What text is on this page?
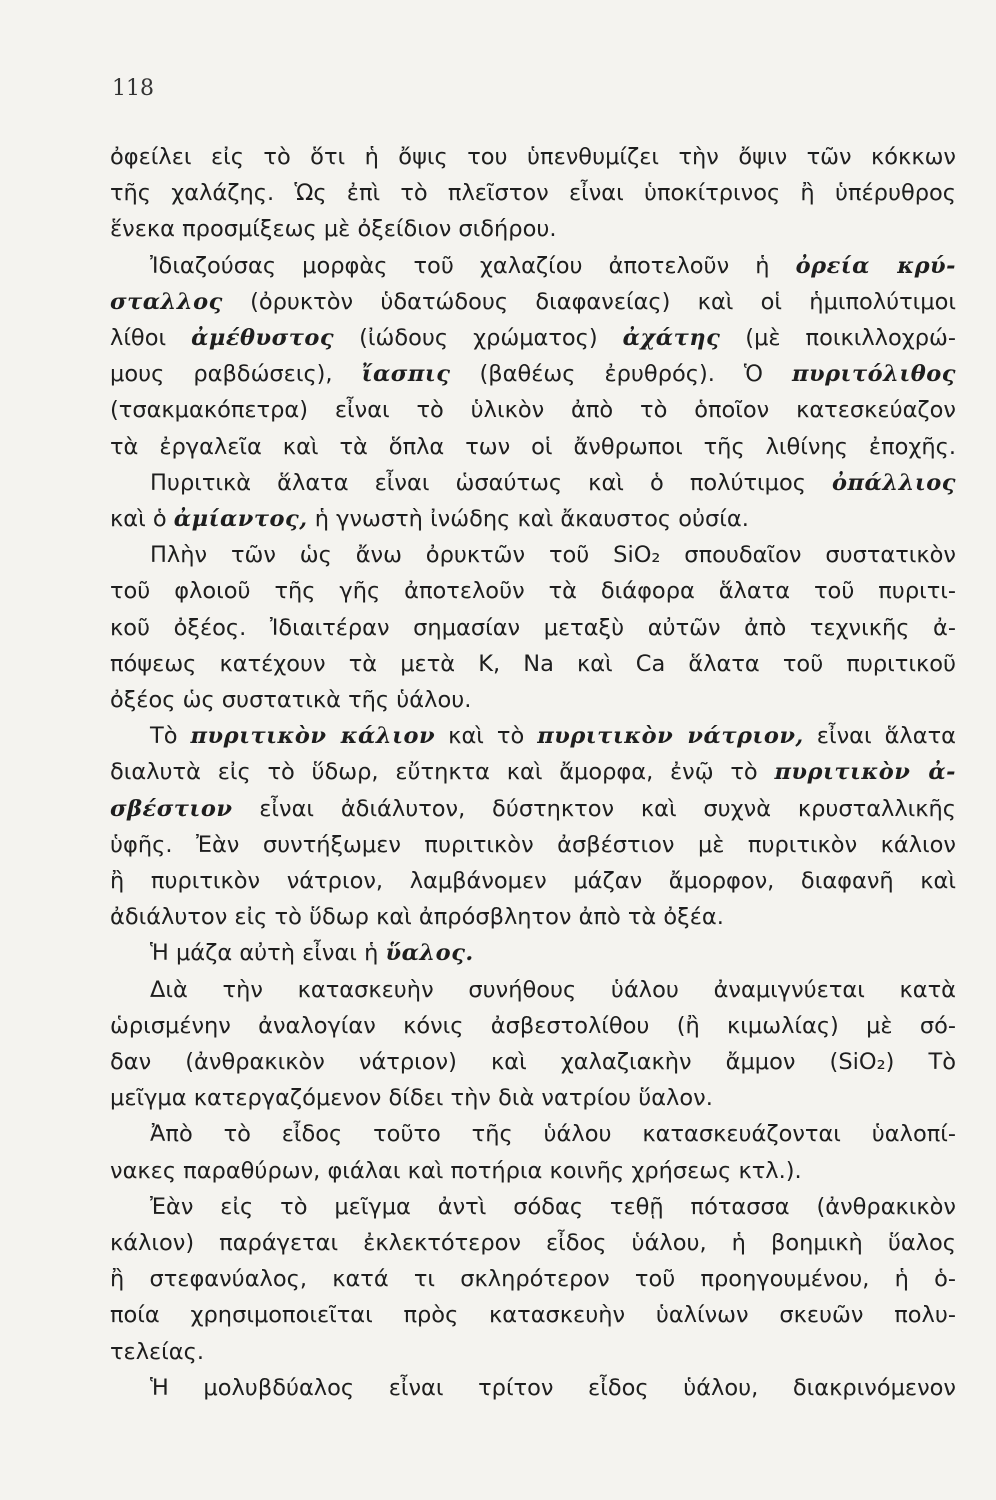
118
ὀφείλει εἰς τὸ ὅτι ἡ ὄψις του ὑπενθυμίζει τὴν ὄψιν τῶν κόκκων
τῆς χαλάζης. Ὡς ἐπὶ τὸ πλεῖστον εἶναι ὑποκίτρινος ἢ ὑπέρυθρος
ἕνεκα προσμίξεως μὲ ὀξείδιον σιδήρου.
Ἰδιαζούσας μορφὰς τοῦ χαλαζίου ἀποτελοῦν ἡ ὀρεία κρύ-
σταλλος (ὀρυκτὸν ὑδατώδους διαφανείας) καὶ οἱ ἡμιπολύτιμοι
λίθοι ἀμέθυστος (ἰώδους χρώματος) ἀχάτης (μὲ ποικιλλοχρώ-
μους ραβδώσεις), ἴασπις (βαθέως ἐρυθρός). Ὁ πυριτόλιθος
(τσακμακόπετρα) εἶναι τὸ ὑλικὸν ἀπὸ τὸ ὁποῖον κατεσκεύαζον
τὰ ἐργαλεῖα καὶ τὰ ὅπλα των οἱ ἄνθρωποι τῆς λιθίνης ἐποχῆς.
Πυριτικὰ ἅλατα εἶναι ὡσαύτως καὶ ὁ πολύτιμος ὀπάλλιος
καὶ ὁ ἀμίαντος, ἡ γνωστὴ ἰνώδης καὶ ἄκαυστος οὐσία.
Πλὴν τῶν ὡς ἄνω ὀρυκτῶν τοῦ SiO₂ σπουδαῖον συστατικὸν
τοῦ φλοιοῦ τῆς γῆς ἀποτελοῦν τὰ διάφορα ἅλατα τοῦ πυριτι-
κοῦ ὀξέος. Ἰδιαιτέραν σημασίαν μεταξὺ αὐτῶν ἀπὸ τεχνικῆς ἀ-
πόψεως κατέχουν τὰ μετὰ K, Na καὶ Ca ἅλατα τοῦ πυριτικοῦ
ὀξέος ὡς συστατικὰ τῆς ὑάλου.
Τὸ πυριτικὸν κάλιον καὶ τὸ πυριτικὸν νάτριον, εἶναι ἅλατα
διαλυτὰ εἰς τὸ ὕδωρ, εὔτηκτα καὶ ἄμορφα, ἐνῷ τὸ πυριτικὸν ἀ-
σβέστιον εἶναι ἀδιάλυτον, δύστηκτον καὶ συχνὰ κρυσταλλικῆς
ὑφῆς. Ἐὰν συντήξωμεν πυριτικὸν ἀσβέστιον μὲ πυριτικὸν κάλιον
ἢ πυριτικὸν νάτριον, λαμβάνομεν μάζαν ἄμορφον, διαφανῆ καὶ
ἀδιάλυτον εἰς τὸ ὕδωρ καὶ ἀπρόσβλητον ἀπὸ τὰ ὀξέα.
Ἡ μάζα αὐτὴ εἶναι ἡ ὕαλος.
Διὰ τὴν κατασκευὴν συνήθους ὑάλου ἀναμιγνύεται κατὰ
ὡρισμένην ἀναλογίαν κόνις ἀσβεστολίθου (ἢ κιμωλίας) μὲ σό-
δαν (ἀνθρακικὸν νάτριον) καὶ χαλαζιακὴν ἄμμον (SiO₂) Τὸ
μεῖγμα κατεργαζόμενον δίδει τὴν διὰ νατρίου ὕαλον.
Ἀπὸ τὸ εἶδος τοῦτο τῆς ὑάλου κατασκευάζονται ὑαλοπί-
νακες παραθύρων, φιάλαι καὶ ποτήρια κοινῆς χρήσεως κτλ.).
Ἐὰν εἰς τὸ μεῖγμα ἀντὶ σόδας τεθῇ πότασσα (ἀνθρακικὸν
κάλιον) παράγεται ἐκλεκτότερον εἶδος ὑάλου, ἡ βοημικὴ ὕαλος
ἢ στεφανύαλος, κατά τι σκληρότερον τοῦ προηγουμένου, ἡ ὁ-
ποία χρησιμοποιεῖται πρὸς κατασκευὴν ὑαλίνων σκευῶν πολυ-
τελείας.
Ἡ μολυβδύαλος εἶναι τρίτον εἶδος ὑάλου, διακρινόμενον
